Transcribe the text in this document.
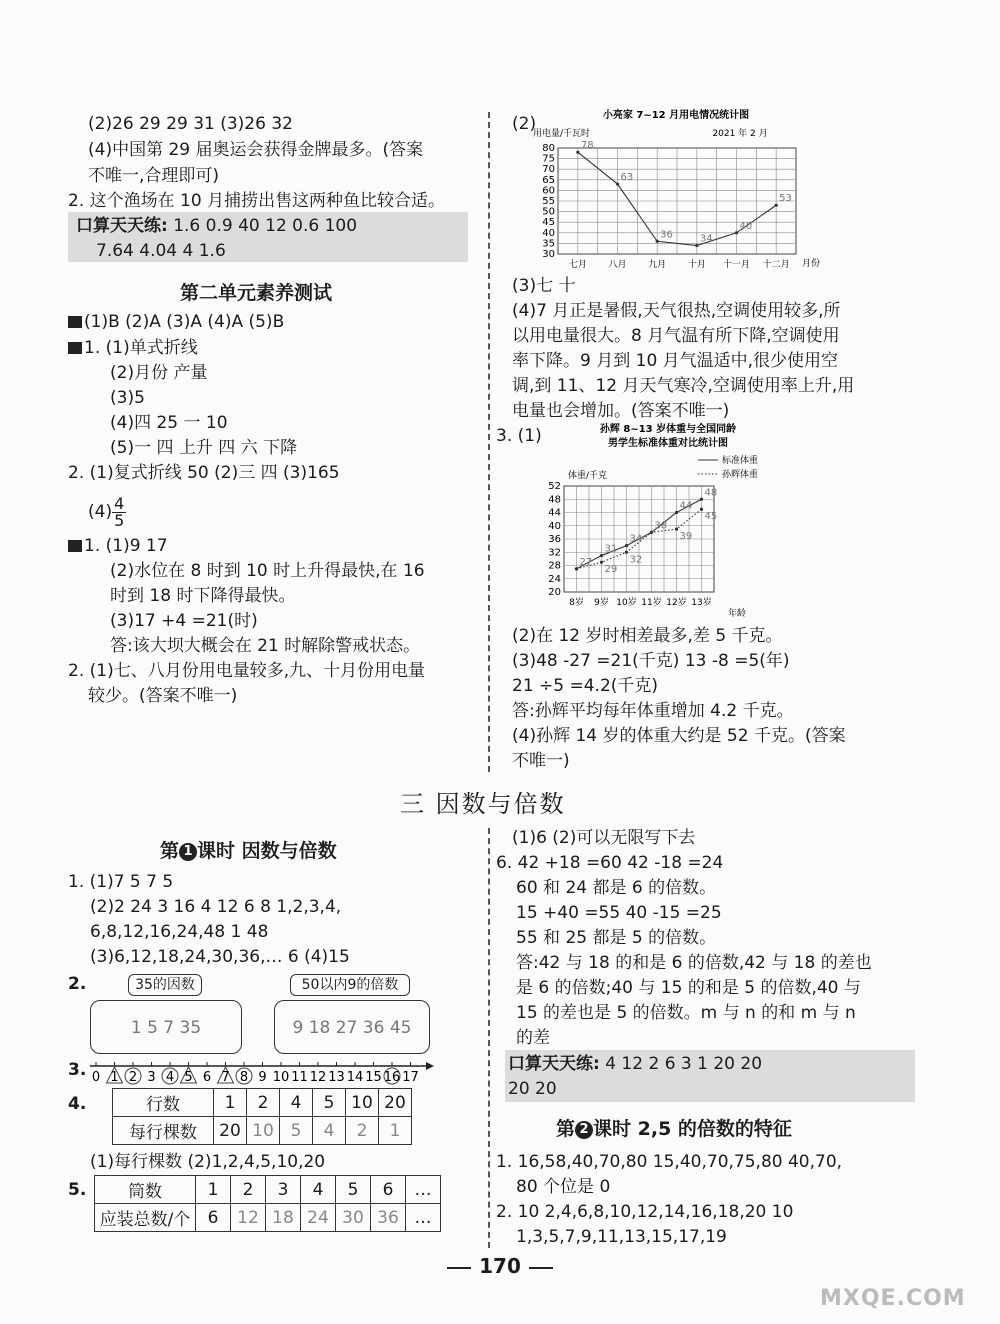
(2)26 29 29 31 (3)26 32
(4)中国第 29 届奥运会获得金牌最多。(答案
不唯一,合理即可)
2. 这个渔场在 10 月捕捞出售这两种鱼比较合适。
口算天天练: 1.6 0.9 40 12 0.6 100
7.64 4.04 4 1.6
第二单元素养测试
(1)B (2)A (3)A (4)A (5)B
1. (1)单式折线
(2)月份 产量
(3)5
(4)四 25 一 10
(5)一 四 上升 四 六 下降
2. (1)复式折线 50 (2)三 四 (3)165
$(4) \frac{4}{5}$
1. (1)9 17
(2)水位在 8 时到 10 时上升得最快,在 16
时到 18 时下降得最快。
(3)17 +4 =21(时)
答:该大坝大概会在 21 时解除警戒状态。
2. (1)七、八月份用电量较多,九、十月份用电量
较少。(答案不唯一)
(2)	小亮家 7~12 月用电情况统计图
用电量/千瓦时	2021 年 2 月
30
35
40
45
50
55
60
65
70
75
80
七月 八月 九月 十月 十一月 十二月
78
63
36	34
40
53
月份
(3)七 十
(4)7 月正是暑假,天气很热,空调使用较多,所
以用电量很大。8 月气温有所下降,空调使用
率下降。9 月到 10 月气温适中,很少使用空
调,到 11、12 月天气寒冷,空调使用率上升,用
电量也会增加。(答案不唯一)
3. (1)	孙辉 8~13 岁体重与全国同龄
男学生标准体重对比统计图
标准体重
孙辉体重
体重/千克
20
24
28
32
36
40
44
48
52
8岁 9岁 10岁 11岁 12岁 13岁
27
31
34
38
44
48
29
32
39
45
年龄
(2)在 12 岁时相差最多,差 5 千克。
(3)48 -27 =21(千克) 13 -8 =5(年)
21 ÷5 =4.2(千克)
答:孙辉平均每年体重增加 4.2 千克。
(4)孙辉 14 岁的体重大约是 52 千克。(答案
不唯一)
三 因数与倍数
第 1 课时 因数与倍数
1. (1)7 5 7 5
(2)2 24 3 16 4 12 6 8 1,2,3,4,
6,8,12,16,24,48 1 48
(3)6,12,18,24,30,36,… 6 (4)15
2.	35的因数
1 5 7 35
50以内9的倍数
9 18 27 36 45
3. 0 1 2 3 4 5 6 7 8 9 10 11 12 13 14 15 16 17
4.	行数	1	2	4	5	10	20
每行棵数	20	10	5	4	2	1
(1)每行棵数 (2)1,2,4,5,10,20
5. 筒数	1	2	3	4	5	6	…
应装总数/个	6	12	18	24	30	36	…
(1)6 (2)可以无限写下去
6. 42 +18 =60 42 -18 =24
60 和 24 都是 6 的倍数。
15 +40 =55 40 -15 =25
55 和 25 都是 5 的倍数。
答:42 与 18 的和是 6 的倍数,42 与 18 的差也
是 6 的倍数;40 与 15 的和是 5 的倍数,40 与
15 的差也是 5 的倍数。m 与 n 的和 m 与 n
的差
口算天天练: 4 12 2 6 3 1 20 20
20 20
第 2 课时 2,5 的倍数的特征
1. 16,58,40,70,80 15,40,70,75,80 40,70,
80 个位是 0
2. 10 2,4,6,8,10,12,14,16,18,20 10
1,3,5,7,9,11,13,15,17,19
170
MXQE.COM
